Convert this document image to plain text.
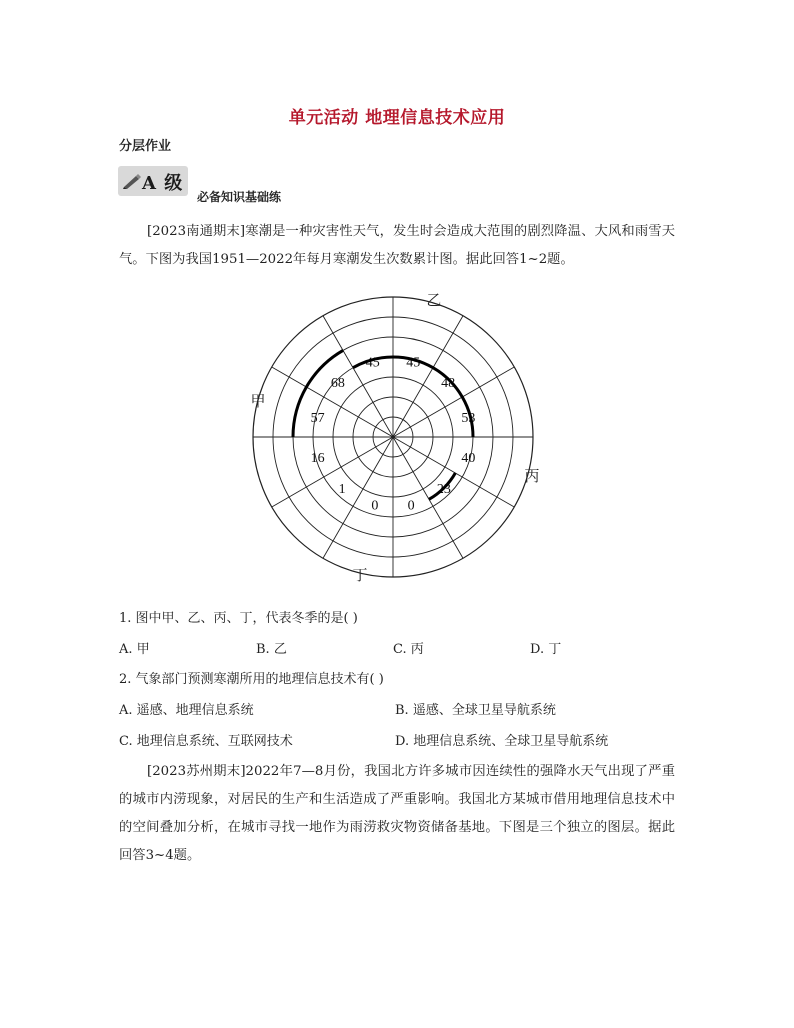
单元活动 地理信息技术应用
分层作业
A 级
必备知识基础练

[2023南通期末]寒潮是一种灾害性天气，发生时会造成大范围的剧烈降温、大风和雨雪天气。下图为我国1951—2022年每月寒潮发生次数累计图。据此回答1~2题。

45
48
53
40
23
0
0
1
16
57
68
45
甲
乙
丙
丁
1. 图中甲、乙、丙、丁，代表冬季的是( )
A. 甲	B. 乙	C. 丙	D. 丁
2. 气象部门预测寒潮所用的地理信息技术有( )
A. 遥感、地理信息系统	B. 遥感、全球卫星导航系统
C. 地理信息系统、互联网技术	D. 地理信息系统、全球卫星导航系统

[2023苏州期末]2022年7—8月份，我国北方许多城市因连续性的强降水天气出现了严重的城市内涝现象，对居民的生产和生活造成了严重影响。我国北方某城市借用地理信息技术中的空间叠加分析，在城市寻找一地作为雨涝救灾物资储备基地。下图是三个独立的图层。据此回答3~4题。
